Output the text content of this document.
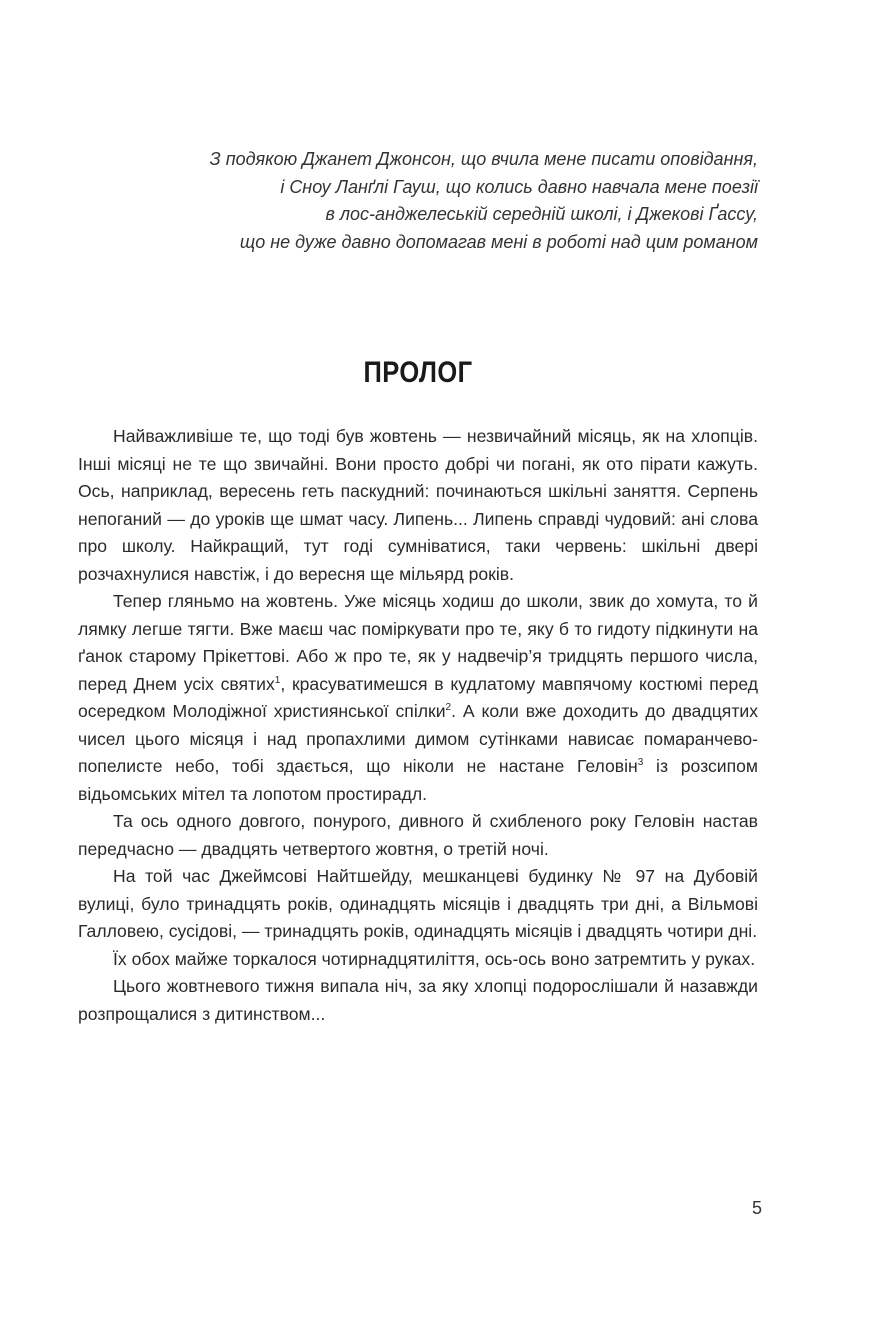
З подякою Джанет Джонсон, що вчила мене писати оповідання,
і Сноу Ланґлі Гауш, що колись давно навчала мене поезії
в лос-анджелеській середній школі, і Джекові Ґассу,
що не дуже давно допомагав мені в роботі над цим романом
ПРОЛОГ

Найважливіше те, що тоді був жовтень — незвичайний місяць, як на хлопців. Інші місяці не те що звичайні. Вони просто добрі чи погані, як ото пірати кажуть. Ось, наприклад, вересень геть паскудний: починаються шкільні заняття. Серпень непоганий — до уроків ще шмат часу. Липень... Липень справді чудовий: ані слова про школу. Найкращий, тут годі сумніватися, таки червень: шкільні двері розчахнулися навстіж, і до вересня ще мільярд років.

Тепер гляньмо на жовтень. Уже місяць ходиш до школи, звик до хомута, то й лямку легше тягти. Вже маєш час поміркувати про те, яку б то гидоту підкинути на ґанок старому Прікеттові. Або ж про те, як у надвечір’я тридцять першого числа, перед Днем усіх святих$^1$, красуватимешся в кудлатому мавпячому костюмі перед осередком Молодіжної християнської спілки$^2$. А коли вже доходить до двадцятих чисел цього місяця і над пропахлими димом сутінками нависає помаранчево-попелисте небо, тобі здається, що ніколи не настане Геловін$^3$ із розсипом відьомських мітел та лопотом простирадл.

Та ось одного довгого, понурого, дивного й схибленого року Геловін настав передчасно — двадцять четвертого жовтня, о третій ночі.

На той час Джеймсові Найтшейду, мешканцеві будинку № 97 на Дубовій вулиці, було тринадцять років, одинадцять місяців і двадцять три дні, а Вільмові Галловею, сусідові, — тринадцять років, одинадцять місяців і двадцять чотири дні.

Їх обох майже торкалося чотирнадцятиліття, ось-ось воно затремтить у руках.

Цього жовтневого тижня випала ніч, за яку хлопці подорослішали й назавжди розпрощалися з дитинством...

5
